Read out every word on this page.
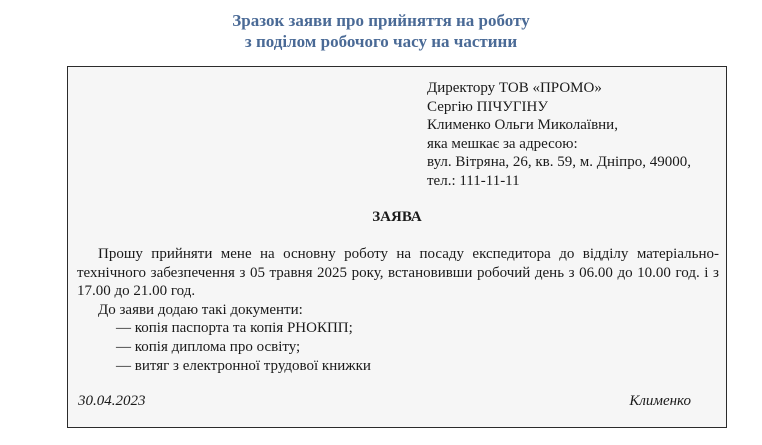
Зразок заяви про прийняття на роботу
з поділом робочого часу на частини
Директору ТОВ «ПРОМО»
Сергію ПІЧУГІНУ
Клименко Ольги Миколаївни,
яка мешкає за адресою:
вул. Вітряна, 26, кв. 59, м. Дніпро, 49000,
тел.: 111-11-11
ЗАЯВА
Прошу прийняти мене на основну роботу на посаду експедитора до відділу матеріально-технічного забезпечення з 05 травня 2025 року, встановивши робочий день з 06.00 до 10.00 год. і з 17.00 до 21.00 год.
До заяви додаю такі документи:
— копія паспорта та копія РНОКПП;
— копія диплома про освіту;
— витяг з електронної трудової книжки
30.04.2023	Клименко
